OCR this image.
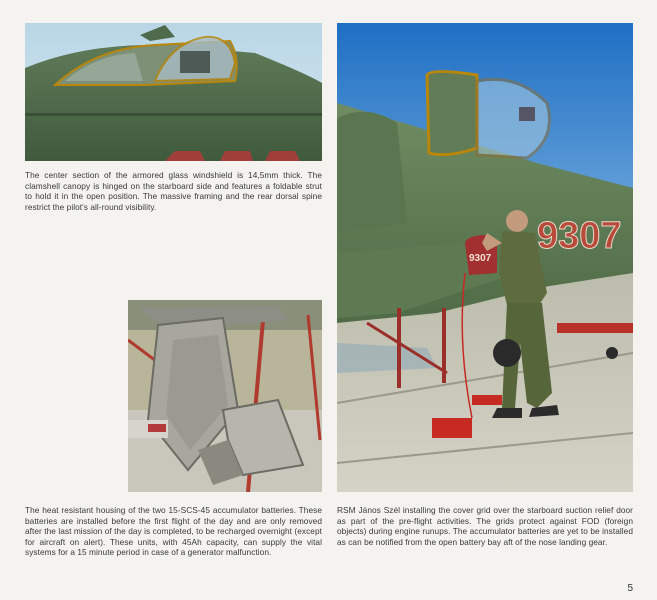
The center section of the armored glass windshield is 14,5mm thick. The clamshell canopy is hinged on the starboard side and features a foldable strut to hold it in the open position. The massive framing and the rear dorsal spine restrict the pilot's all-round visibility.

The heat resistant housing of the two 15-SCS-45 accumulator batteries. These batteries are installed before the first flight of the day and are only removed after the last mission of the day is completed, to be recharged overnight (except for aircraft on alert). These units, with 45Ah capacity, can supply the vital systems for a 15 minute period in case of a generator malfunction.

9307
9307

RSM János Szél installing the cover grid over the starboard suction relief door as part of the pre-flight activities. The grids protect against FOD (foreign objects) during engine runups. The accumulator batteries are yet to be installed as can be notified from the open battery bay aft of the nose landing gear.

5
